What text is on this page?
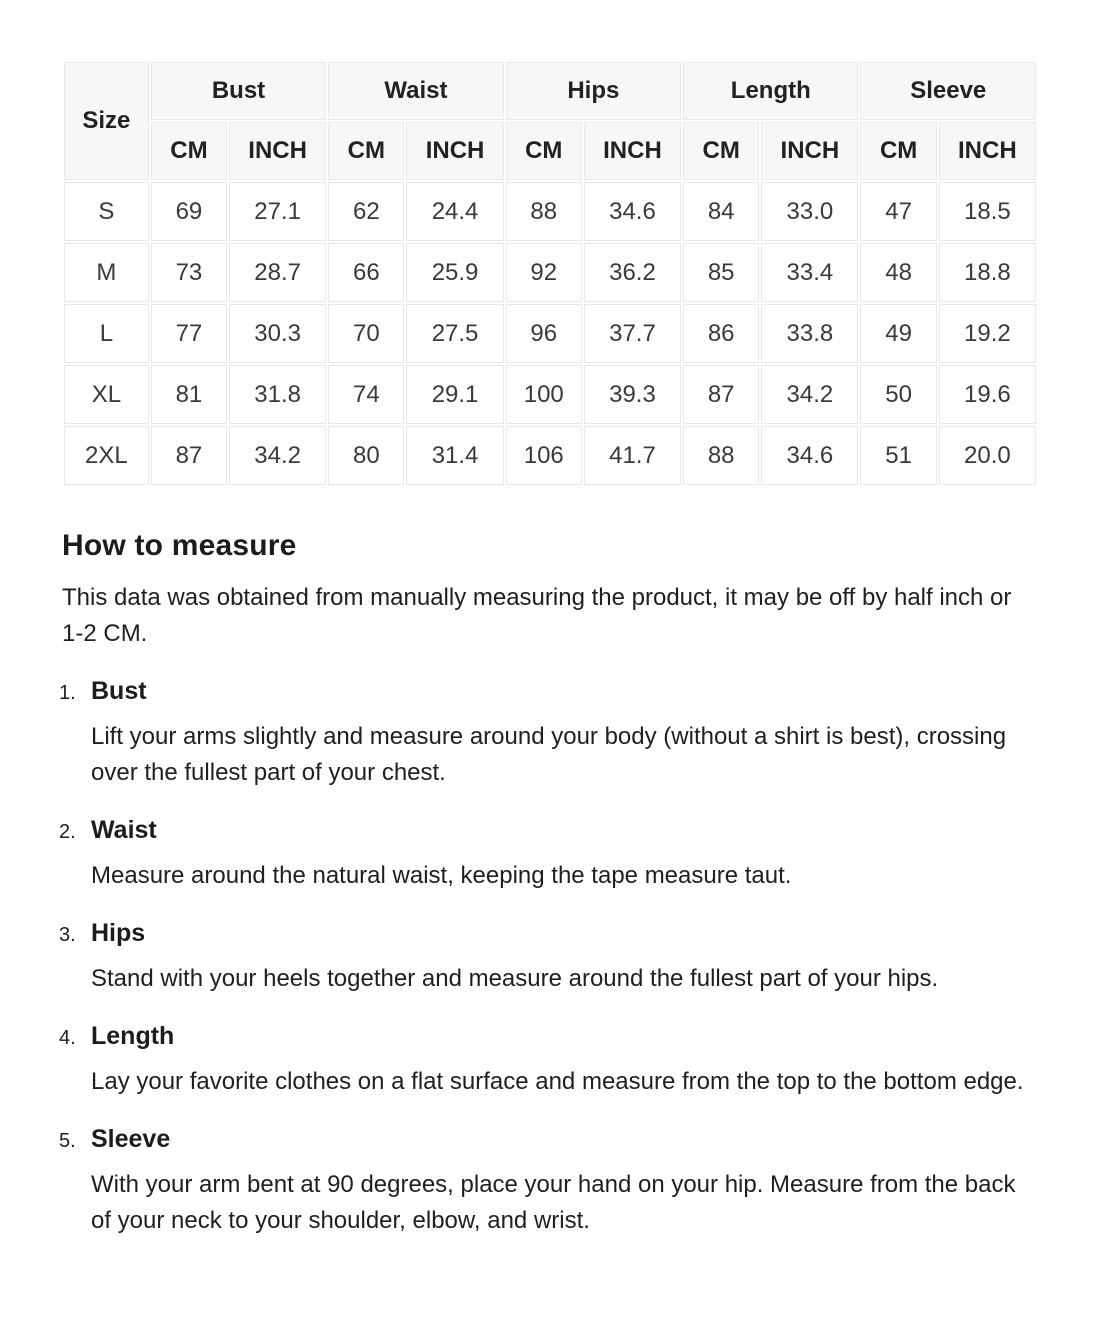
Size	Bust		Waist		Hips		Length		Sleeve	
	CM	INCH	CM	INCH	CM	INCH	CM	INCH	CM	INCH
S	69	27.1	62	24.4	88	34.6	84	33.0	47	18.5
M	73	28.7	66	25.9	92	36.2	85	33.4	48	18.8
L	77	30.3	70	27.5	96	37.7	86	33.8	49	19.2
XL	81	31.8	74	29.1	100	39.3	87	34.2	50	19.6
2XL	87	34.2	80	31.4	106	41.7	88	34.6	51	20.0
How to measure

This data was obtained from manually measuring the product, it may be off by half inch or 1-2 CM.

1. Bust
Lift your arms slightly and measure around your body (without a shirt is best), crossing over the fullest part of your chest.
2. Waist
Measure around the natural waist, keeping the tape measure taut.
3. Hips
Stand with your heels together and measure around the fullest part of your hips.
4. Length
Lay your favorite clothes on a flat surface and measure from the top to the bottom edge.
5. Sleeve
With your arm bent at 90 degrees, place your hand on your hip. Measure from the back of your neck to your shoulder, elbow, and wrist.
